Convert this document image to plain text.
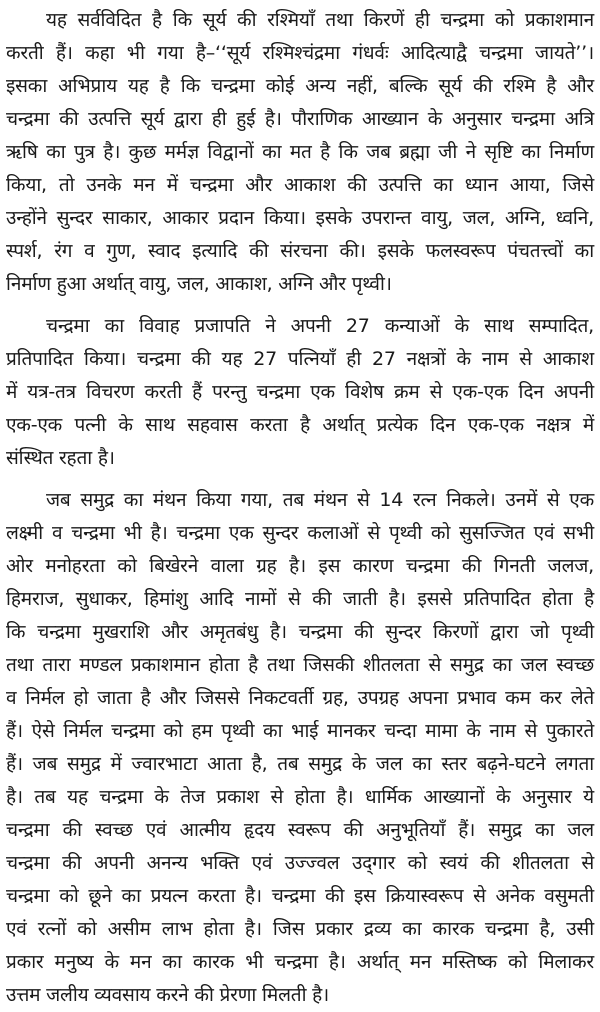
यह सर्वविदित है कि सूर्य की रश्मियाँ तथा किरणें ही चन्द्रमा को प्रकाशमान
करती हैं। कहा भी गया है–‘‘सूर्य रश्मिश्चंद्रमा गंधर्वः आदित्याद्वै चन्द्रमा जायते’’।
इसका अभिप्राय यह है कि चन्द्रमा कोई अन्य नहीं, बल्कि सूर्य की रश्मि है और
चन्द्रमा की उत्पत्ति सूर्य द्वारा ही हुई है। पौराणिक आख्यान के अनुसार चन्द्रमा अत्रि
ऋषि का पुत्र है। कुछ मर्मज्ञ विद्वानों का मत है कि जब ब्रह्मा जी ने सृष्टि का निर्माण
किया, तो उनके मन में चन्द्रमा और आकाश की उत्पत्ति का ध्यान आया, जिसे
उन्होंने सुन्दर साकार, आकार प्रदान किया। इसके उपरान्त वायु, जल, अग्नि, ध्वनि,
स्पर्श, रंग व गुण, स्वाद इत्यादि की संरचना की। इसके फलस्वरूप पंचतत्त्वों का
निर्माण हुआ अर्थात् वायु, जल, आकाश, अग्नि और पृथ्वी।
चन्द्रमा का विवाह प्रजापति ने अपनी 27 कन्याओं के साथ सम्पादित,
प्रतिपादित किया। चन्द्रमा की यह 27 पत्नियाँ ही 27 नक्षत्रों के नाम से आकाश
में यत्र-तत्र विचरण करती हैं परन्तु चन्द्रमा एक विशेष क्रम से एक-एक दिन अपनी
एक-एक पत्नी के साथ सहवास करता है अर्थात् प्रत्येक दिन एक-एक नक्षत्र में
संस्थित रहता है।
जब समुद्र का मंथन किया गया, तब मंथन से 14 रत्न निकले। उनमें से एक
लक्ष्मी व चन्द्रमा भी है। चन्द्रमा एक सुन्दर कलाओं से पृथ्वी को सुसज्जित एवं सभी
ओर मनोहरता को बिखेरने वाला ग्रह है। इस कारण चन्द्रमा की गिनती जलज,
हिमराज, सुधाकर, हिमांशु आदि नामों से की जाती है। इससे प्रतिपादित होता है
कि चन्द्रमा मुखराशि और अमृतबंधु है। चन्द्रमा की सुन्दर किरणों द्वारा जो पृथ्वी
तथा तारा मण्डल प्रकाशमान होता है तथा जिसकी शीतलता से समुद्र का जल स्वच्छ
व निर्मल हो जाता है और जिससे निकटवर्ती ग्रह, उपग्रह अपना प्रभाव कम कर लेते
हैं। ऐसे निर्मल चन्द्रमा को हम पृथ्वी का भाई मानकर चन्दा मामा के नाम से पुकारते
हैं। जब समुद्र में ज्वारभाटा आता है, तब समुद्र के जल का स्तर बढ़ने-घटने लगता
है। तब यह चन्द्रमा के तेज प्रकाश से होता है। धार्मिक आख्यानों के अनुसार ये
चन्द्रमा की स्वच्छ एवं आत्मीय हृदय स्वरूप की अनुभूतियाँ हैं। समुद्र का जल
चन्द्रमा की अपनी अनन्य भक्ति एवं उज्ज्वल उद्‌गार को स्वयं की शीतलता से
चन्द्रमा को छूने का प्रयत्न करता है। चन्द्रमा की इस क्रियास्वरूप से अनेक वसुमती
एवं रत्नों को असीम लाभ होता है। जिस प्रकार द्रव्य का कारक चन्द्रमा है, उसी
प्रकार मनुष्य के मन का कारक भी चन्द्रमा है। अर्थात् मन मस्तिष्क को मिलाकर
उत्तम जलीय व्यवसाय करने की प्रेरणा मिलती है।
